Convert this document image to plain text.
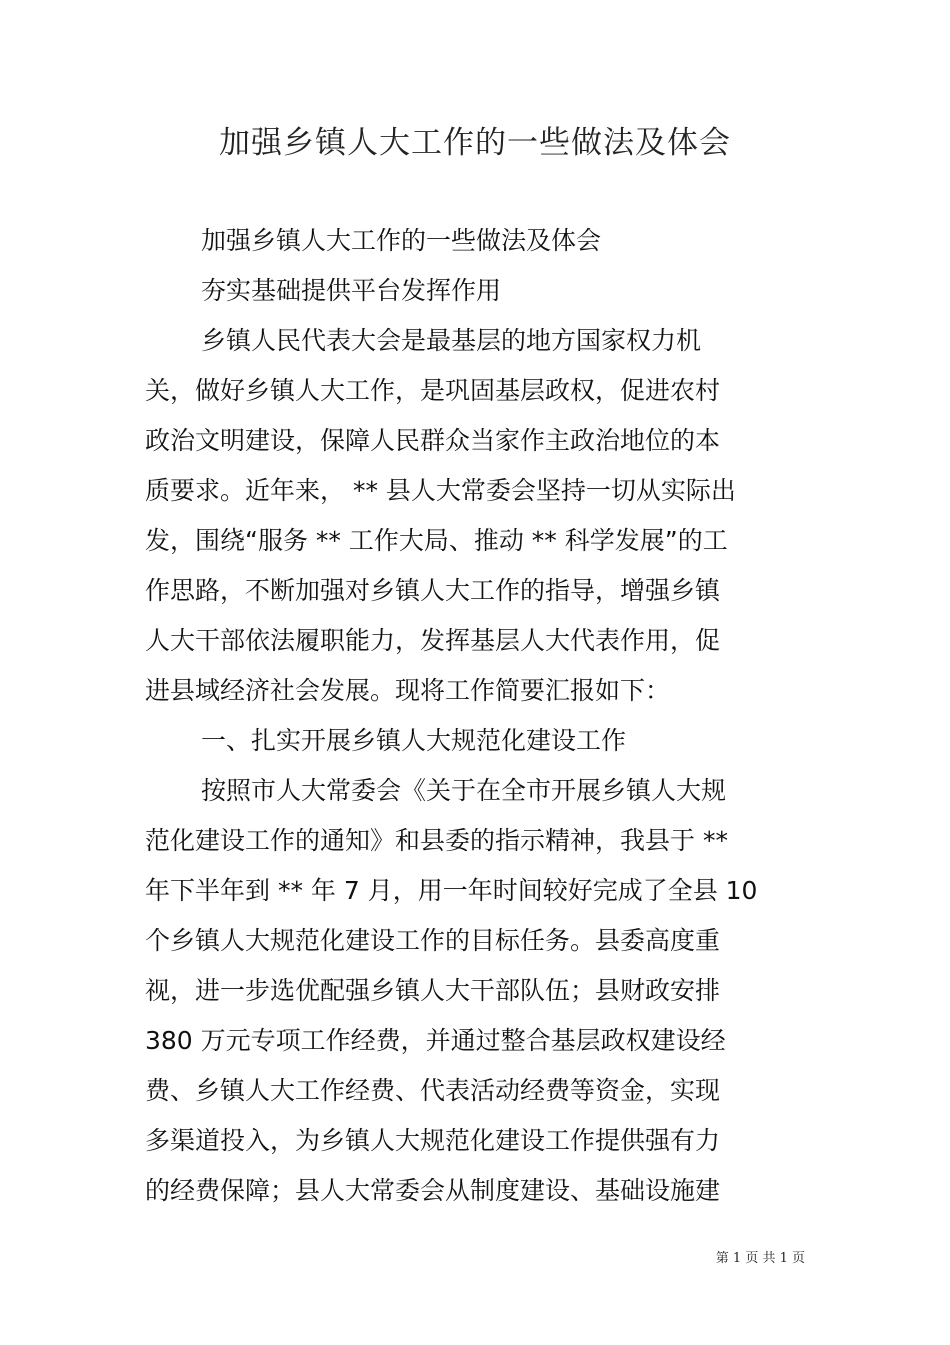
加强乡镇人大工作的一些做法及体会
加强乡镇人大工作的一些做法及体会
夯实基础提供平台发挥作用
乡镇人民代表大会是最基层的地方国家权力机
关，做好乡镇人大工作，是巩固基层政权，促进农村
政治文明建设，保障人民群众当家作主政治地位的本
质要求。近年来， ** 县人大常委会坚持一切从实际出
发，围绕“服务 ** 工作大局、推动 ** 科学发展”的工
作思路，不断加强对乡镇人大工作的指导，增强乡镇
人大干部依法履职能力，发挥基层人大代表作用，促
进县域经济社会发展。现将工作简要汇报如下：
一、扎实开展乡镇人大规范化建设工作
按照市人大常委会《关于在全市开展乡镇人大规
范化建设工作的通知》和县委的指示精神，我县于 **
年下半年到 ** 年 7 月，用一年时间较好完成了全县 10
个乡镇人大规范化建设工作的目标任务。县委高度重
视，进一步选优配强乡镇人大干部队伍；县财政安排
380 万元专项工作经费，并通过整合基层政权建设经
费、乡镇人大工作经费、代表活动经费等资金，实现
多渠道投入，为乡镇人大规范化建设工作提供强有力
的经费保障；县人大常委会从制度建设、基础设施建
第 1 页 共 1 页
